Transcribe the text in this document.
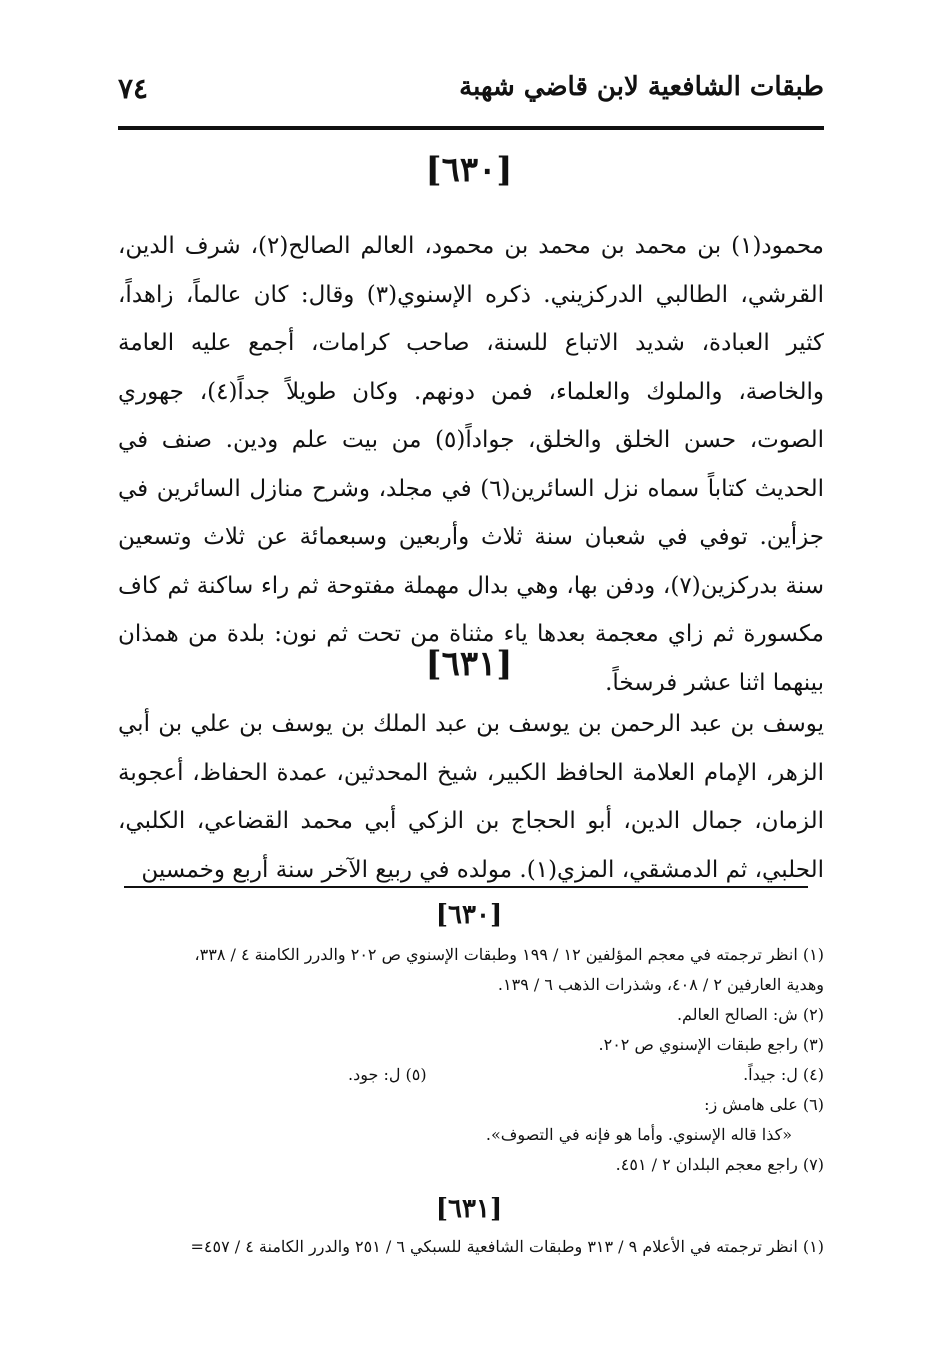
طبقات الشافعية لابن قاضي شهبة
٧٤
[٦٣٠]

محمود(١) بن محمد بن محمد بن محمود، العالم الصالح(٢)، شرف الدين، القرشي، الطالبي الدركزيني. ذكره الإسنوي(٣) وقال: كان عالماً، زاهداً، كثير العبادة، شديد الاتباع للسنة، صاحب كرامات، أجمع عليه العامة والخاصة، والملوك والعلماء، فمن دونهم. وكان طويلاً جداً(٤)، جهوري الصوت، حسن الخلق والخلق، جواداً(٥) من بيت علم ودين. صنف في الحديث كتاباً سماه نزل السائرين(٦) في مجلد، وشرح منازل السائرين في جزأين. توفي في شعبان سنة ثلاث وأربعين وسبعمائة عن ثلاث وتسعين سنة بدركزين(٧)، ودفن بها، وهي بدال مهملة مفتوحة ثم راء ساكنة ثم كاف مكسورة ثم زاي معجمة بعدها ياء مثناة من تحت ثم نون: بلدة من همذان بينهما اثنا عشر فرسخاً.

[٦٣١]

يوسف بن عبد الرحمن بن يوسف بن عبد الملك بن يوسف بن علي بن أبي الزهر، الإمام العلامة الحافظ الكبير، شيخ المحدثين، عمدة الحفاظ، أعجوبة الزمان، جمال الدين، أبو الحجاج بن الزكي أبي محمد القضاعي، الكلبي، الحلبي، ثم الدمشقي، المزي(١). مولده في ربيع الآخر سنة أربع وخمسين

[٦٣٠]
(١) انظر ترجمته في معجم المؤلفين ١٢ / ١٩٩ وطبقات الإسنوي ص ٢٠٢ والدرر الكامنة ٤ / ٣٣٨،
وهدية العارفين ٢ / ٤٠٨، وشذرات الذهب ٦ / ١٣٩.
(٢) ش: الصالح العالم.
(٣) راجع طبقات الإسنوي ص ٢٠٢.
(٤) ل: جيداً.
(٥) ل: جود.
(٦) على هامش ز:
«كذا قاله الإسنوي. وأما هو فإنه في التصوف».
(٧) راجع معجم البلدان ٢ / ٤٥١.
[٦٣١]
(١) انظر ترجمته في الأعلام ٩ / ٣١٣ وطبقات الشافعية للسبكي ٦ / ٢٥١ والدرر الكامنة ٤ / ٤٥٧=
